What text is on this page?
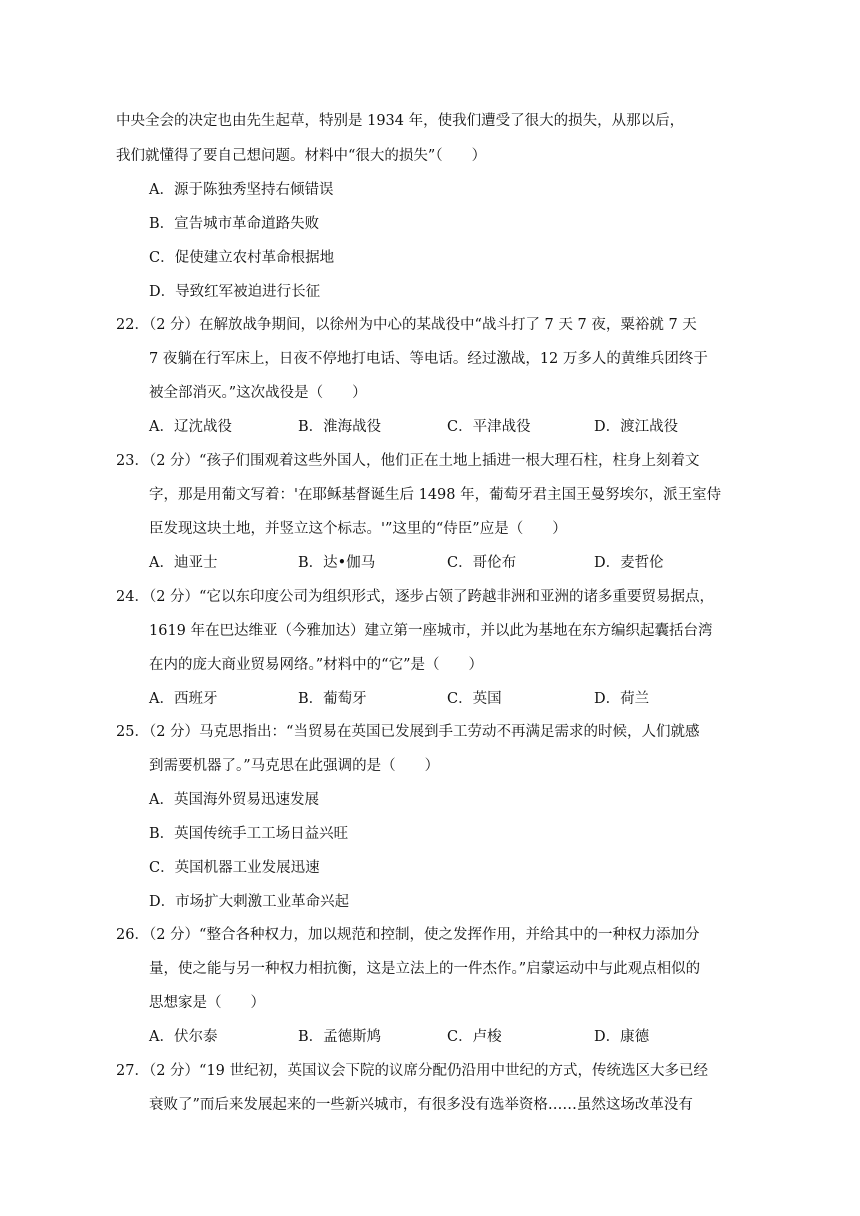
中央全会的决定也由先生起草，特别是 1934 年，使我们遭受了很大的损失，从那以后，
我们就懂得了要自己想问题。材料中“很大的损失”（　　）
A．源于陈独秀坚持右倾错误
B．宣告城市革命道路失败
C．促使建立农村革命根据地
D．导致红军被迫进行长征
22．（2 分）在解放战争期间，以徐州为中心的某战役中“战斗打了 7 天 7 夜，粟裕就 7 天
7 夜躺在行军床上，日夜不停地打电话、等电话。经过激战，12 万多人的黄维兵团终于
被全部消灭。”这次战役是（　　）
A．辽沈战役	B．淮海战役	C．平津战役	D．渡江战役
23．（2 分）“孩子们围观着这些外国人，他们正在土地上插进一根大理石柱，柱身上刻着文
字，那是用葡文写着：'在耶稣基督诞生后 1498 年，葡萄牙君主国王曼努埃尔，派王室侍
臣发现这块土地，并竖立这个标志。'”这里的“侍臣”应是（　　）
A．迪亚士	B．达•伽马	C．哥伦布	D．麦哲伦
24．（2 分）“它以东印度公司为组织形式，逐步占领了跨越非洲和亚洲的诸多重要贸易据点，
1619 年在巴达维亚（今雅加达）建立第一座城市，并以此为基地在东方编织起囊括台湾
在内的庞大商业贸易网络。”材料中的“它”是（　　）
A．西班牙	B．葡萄牙	C．英国	D．荷兰
25．（2 分）马克思指出：“当贸易在英国已发展到手工劳动不再满足需求的时候，人们就感
到需要机器了。”马克思在此强调的是（　　）
A．英国海外贸易迅速发展
B．英国传统手工工场日益兴旺
C．英国机器工业发展迅速
D．市场扩大刺激工业革命兴起
26．（2 分）“整合各种权力，加以规范和控制，使之发挥作用，并给其中的一种权力添加分
量，使之能与另一种权力相抗衡，这是立法上的一件杰作。”启蒙运动中与此观点相似的
思想家是（　　）
A．伏尔泰	B．孟德斯鸠	C．卢梭	D．康德
27．（2 分）“19 世纪初，英国议会下院的议席分配仍沿用中世纪的方式，传统选区大多已经
衰败了”而后来发展起来的一些新兴城市，有很多没有选举资格……虽然这场改革没有
